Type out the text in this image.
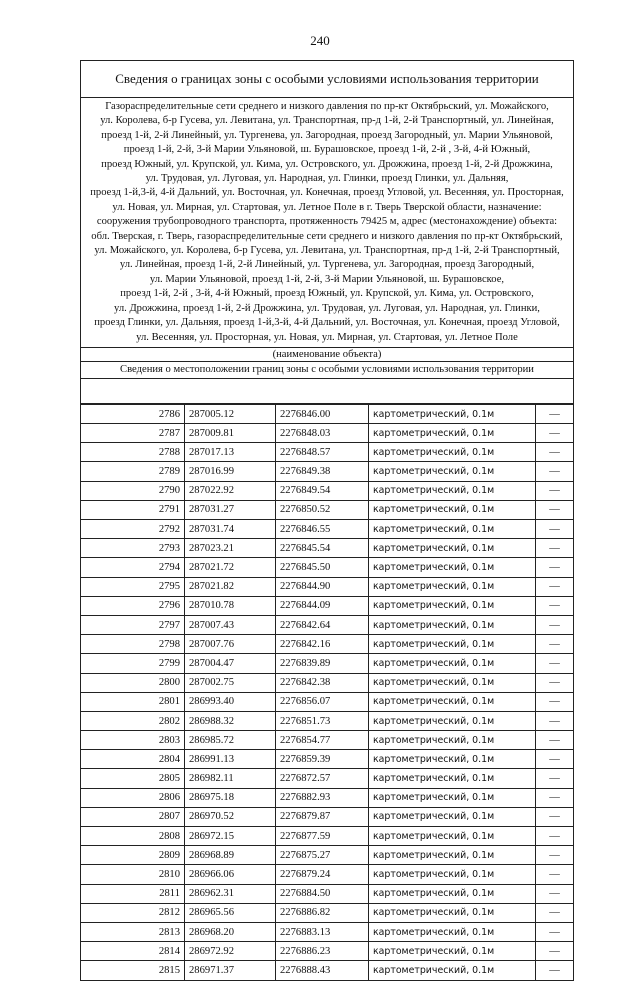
240
Сведения о границах зоны с особыми условиями использования территории
Газораспределительные сети среднего и низкого давления по пр-кт Октябрьский, ул. Можайского,
ул. Королева, б-р Гусева, ул. Левитана, ул. Транспортная, пр-д 1-й, 2-й Транспортный, ул. Линейная,
проезд 1-й, 2-й Линейный, ул. Тургенева, ул. Загородная, проезд Загородный, ул. Марии Ульяновой,
проезд 1-й, 2-й, 3-й Марии Ульяновой, ш. Бурашовское, проезд 1-й, 2-й , 3-й, 4-й Южный,
проезд Южный, ул. Крупской, ул. Кима, ул. Островского, ул. Дрожжина, проезд 1-й, 2-й Дрожжина,
ул. Трудовая, ул. Луговая, ул. Народная, ул. Глинки, проезд Глинки, ул. Дальняя,
проезд 1-й,3-й, 4-й Дальний, ул. Восточная, ул. Конечная, проезд Угловой, ул. Весенняя, ул. Просторная,
ул. Новая, ул. Мирная, ул. Стартовая, ул. Летное Поле в г. Тверь Тверской области, назначение:
сооружения трубопроводного транспорта, протяженность 79425 м, адрес (местонахождение) объекта:
обл. Тверская, г. Тверь, газораспределительные сети среднего и низкого давления по пр-кт Октябрьский,
ул. Можайского, ул. Королева, б-р Гусева, ул. Левитана, ул. Транспортная, пр-д 1-й, 2-й Транспортный,
ул. Линейная, проезд 1-й, 2-й Линейный, ул. Тургенева, ул. Загородная, проезд Загородный,
ул. Марии Ульяновой, проезд 1-й, 2-й, 3-й Марии Ульяновой, ш. Бурашовское,
проезд 1-й, 2-й , 3-й, 4-й Южный, проезд Южный, ул. Крупской, ул. Кима, ул. Островского,
ул. Дрожжина, проезд 1-й, 2-й Дрожжина, ул. Трудовая, ул. Луговая, ул. Народная, ул. Глинки,
проезд Глинки, ул. Дальняя, проезд 1-й,3-й, 4-й Дальний, ул. Восточная, ул. Конечная, проезд Угловой,
ул. Весенняя, ул. Просторная, ул. Новая, ул. Мирная, ул. Стартовая, ул. Летное Поле
(наименование объекта)
Сведения о местоположении границ зоны с особыми условиями использования территории
2786	287005.12	2276846.00	картометрический, 0.1м	—
2787	287009.81	2276848.03	картометрический, 0.1м	—
2788	287017.13	2276848.57	картометрический, 0.1м	—
2789	287016.99	2276849.38	картометрический, 0.1м	—
2790	287022.92	2276849.54	картометрический, 0.1м	—
2791	287031.27	2276850.52	картометрический, 0.1м	—
2792	287031.74	2276846.55	картометрический, 0.1м	—
2793	287023.21	2276845.54	картометрический, 0.1м	—
2794	287021.72	2276845.50	картометрический, 0.1м	—
2795	287021.82	2276844.90	картометрический, 0.1м	—
2796	287010.78	2276844.09	картометрический, 0.1м	—
2797	287007.43	2276842.64	картометрический, 0.1м	—
2798	287007.76	2276842.16	картометрический, 0.1м	—
2799	287004.47	2276839.89	картометрический, 0.1м	—
2800	287002.75	2276842.38	картометрический, 0.1м	—
2801	286993.40	2276856.07	картометрический, 0.1м	—
2802	286988.32	2276851.73	картометрический, 0.1м	—
2803	286985.72	2276854.77	картометрический, 0.1м	—
2804	286991.13	2276859.39	картометрический, 0.1м	—
2805	286982.11	2276872.57	картометрический, 0.1м	—
2806	286975.18	2276882.93	картометрический, 0.1м	—
2807	286970.52	2276879.87	картометрический, 0.1м	—
2808	286972.15	2276877.59	картометрический, 0.1м	—
2809	286968.89	2276875.27	картометрический, 0.1м	—
2810	286966.06	2276879.24	картометрический, 0.1м	—
2811	286962.31	2276884.50	картометрический, 0.1м	—
2812	286965.56	2276886.82	картометрический, 0.1м	—
2813	286968.20	2276883.13	картометрический, 0.1м	—
2814	286972.92	2276886.23	картометрический, 0.1м	—
2815	286971.37	2276888.43	картометрический, 0.1м	—
